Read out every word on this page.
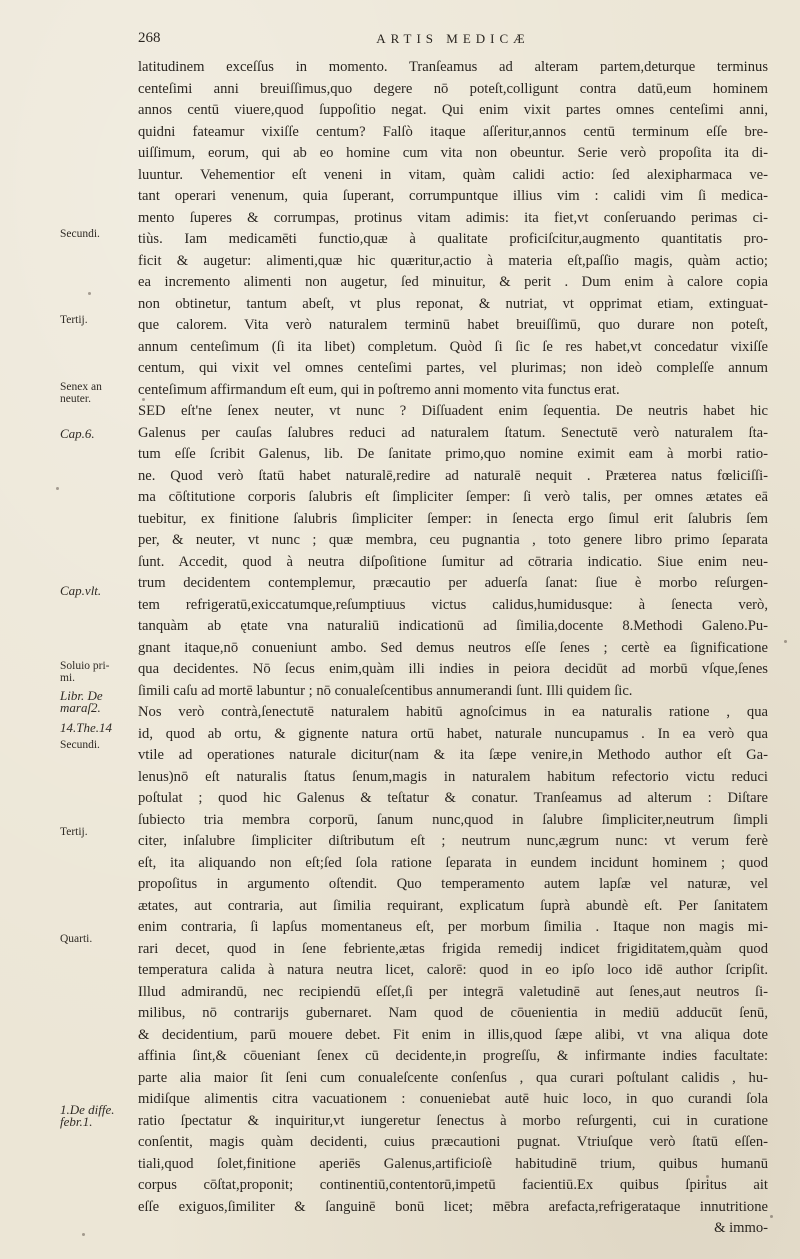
268	ARTIS MEDICÆ
Secundi.
Tertij.
Senex an
neuter.
Cap.6.
Cap.vlt.
Soluio pri-
mi.
Libr. De
maraſ2.
14.The.14
Secundi.
Tertij.
Quarti.
1.De diffe.
febr.1.
latitudinem exceſſus in momento. Tranſeamus ad alteram partem,deturque terminus
centeſimi anni breuiſſimus,quo degere nō poteſt,colligunt contra datū,eum hominem
annos centū viuere,quod ſuppoſitio negat. Qui enim vixit partes omnes centeſimi anni,
quidni fateamur vixiſſe centum? Falſò itaque aſſeritur,annos centū terminum eſſe bre-
uiſſimum, eorum, qui ab eo homine cum vita non obeuntur. Serie verò propoſita ita di-
luuntur. Vehementior eſt veneni in vitam, quàm calidi actio: ſed alexipharmaca ve-
tant operari venenum, quia ſuperant, corrumpuntque illius vim : calidi vim ſi medica-
mento ſuperes & corrumpas, protinus vitam adimis: ita fiet,vt conſeruando perimas ci-
tiùs. Iam medicamēti functio,quæ à qualitate proficiſcitur,augmento quantitatis pro-
ficit & augetur: alimenti,quæ hic quæritur,actio à materia eſt,paſſio magis, quàm actio;
ea incremento alimenti non augetur, ſed minuitur, & perit . Dum enim à calore copia
non obtinetur, tantum abeſt, vt plus reponat, & nutriat, vt opprimat etiam, extinguat-
que calorem. Vita verò naturalem terminū habet breuiſſimū, quo durare non poteſt,
annum centeſimum (ſi ita libet) completum. Quòd ſi ſic ſe res habet,vt concedatur vixiſſe
centum, qui vixit vel omnes centeſimi partes, vel plurimas; non ideò compleſſe annum
centeſimum affirmandum eſt eum, qui in poſtremo anni momento vita functus erat.
SED eſt'ne ſenex neuter, vt nunc ? Diſſuadent enim ſequentia. De neutris habet hic
Galenus per cauſas ſalubres reduci ad naturalem ſtatum. Senectutē verò naturalem ſta-
tum eſſe ſcribit Galenus, lib. De ſanitate primo,quo nomine eximit eam à morbi ratio-
ne. Quod verò ſtatū habet naturalē,redire ad naturalē nequit . Præterea natus fœliciſſi-
ma cōſtitutione corporis ſalubris eſt ſimpliciter ſemper: ſi verò talis, per omnes ætates eā
tuebitur, ex finitione ſalubris ſimpliciter ſemper: in ſenecta ergo ſimul erit ſalubris ſem
per, & neuter, vt nunc ; quæ membra, ceu pugnantia , toto genere libro primo ſeparata
ſunt. Accedit, quod à neutra diſpoſitione ſumitur ad cōtraria indicatio. Siue enim neu-
trum decidentem contemplemur, præcautio per aduerſa ſanat: ſiue è morbo reſurgen-
tem refrigeratū,exiccatumque,reſumptiuus victus calidus,humidusque: à ſenecta verò,
tanquàm ab ętate vna naturaliū indicationū ad ſimilia,docente 8.Methodi Galeno.Pu-
gnant itaque,nō conueniunt ambo. Sed demus neutros eſſe ſenes ; certè ea ſignificatione
qua decidentes. Nō ſecus enim,quàm illi indies in peiora decidūt ad morbū vſque,ſenes
ſimili caſu ad mortē labuntur ; nō conualeſcentibus annumerandi ſunt. Illi quidem ſic.
Nos verò contrà,ſenectutē naturalem habitū agnoſcimus in ea naturalis ratione , qua
id, quod ab ortu, & gignente natura ortū habet, naturale nuncupamus . In ea verò qua
vtile ad operationes naturale dicitur(nam & ita ſæpe venire,in Methodo author eſt Ga-
lenus)nō eſt naturalis ſtatus ſenum,magis in naturalem habitum refectorio victu reduci
poſtulat ; quod hic Galenus & teſtatur & conatur. Tranſeamus ad alterum : Diſtare
ſubiecto tria membra corporū, ſanum nunc,quod in ſalubre ſimpliciter,neutrum ſimpli
citer, inſalubre ſimpliciter diſtributum eſt ; neutrum nunc,ægrum nunc: vt verum ferè
eſt, ita aliquando non eſt;ſed ſola ratione ſeparata in eundem incidunt hominem ; quod
propoſitus in argumento oſtendit. Quo temperamento autem lapſæ vel naturæ, vel
ætates, aut contraria, aut ſimilia requirant, explicatum ſuprà abundè eſt. Per ſanitatem
enim contraria, ſi lapſus momentaneus eſt, per morbum ſimilia . Itaque non magis mi-
rari decet, quod in ſene febriente,ætas frigida remedij indicet frigiditatem,quàm quod
temperatura calida à natura neutra licet, calorē: quod in eo ipſo loco idē author ſcripſit.
Illud admirandū, nec recipiendū eſſet,ſi per integrā valetudinē aut ſenes,aut neutros ſi-
milibus, nō contrarijs gubernaret. Nam quod de cōuenientia in mediū adducūt ſenū,
& decidentium, parū mouere debet. Fit enim in illis,quod ſæpe alibi, vt vna aliqua dote
affinia ſint,& cōueniant ſenex cū decidente,in progreſſu, & infirmante indies facultate:
parte alia maior ſit ſeni cum conualeſcente conſenſus , qua curari poſtulant calidis , hu-
midiſque alimentis citra vacuationem : conueniebat autē huic loco, in quo curandi ſola
ratio ſpectatur & inquiritur,vt iungeretur ſenectus à morbo reſurgenti, cui in curatione
conſentit, magis quàm decidenti, cuius præcautioni pugnat. Vtriuſque verò ſtatū eſſen-
tiali,quod ſolet,finitione aperiēs Galenus,artificioſè habitudinē trium, quibus humanū
corpus cōſtat,proponit; continentiū,contentorū,impetū facientiū.Ex quibus ſpiritus ait
eſſe exiguos,ſimiliter & ſanguinē bonū licet; mēbra arefacta,refrigerataque innutritione
& immo-
